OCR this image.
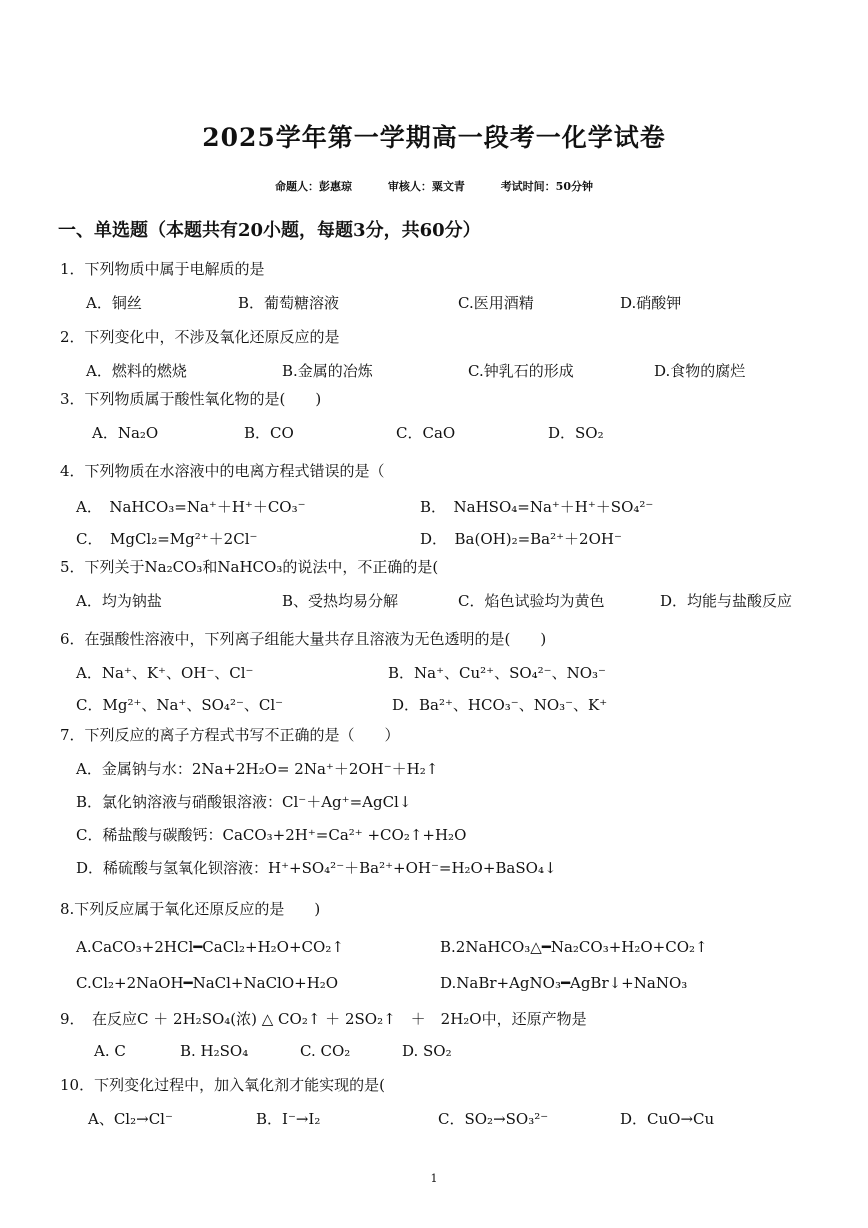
2025学年第一学期高一段考一化学试卷
命题人：彭惠琼	审核人：粟文青	考试时间：50分钟
一、单选题（本题共有20小题，每题3分，共60分）
1．下列物质中属于电解质的是
A．铜丝	B．葡萄糖溶液	C.医用酒精	D.硝酸钾
2．下列变化中，不涉及氧化还原反应的是
A．燃料的燃烧	B.金属的冶炼	C.钟乳石的形成	D.食物的腐烂
3．下列物质属于酸性氧化物的是(　　)
A．Na₂O	B．CO	C．CaO	D．SO₂
4．下列物质在水溶液中的电离方程式错误的是（
A．　NaHCO₃=Na⁺＋H⁺＋CO₃⁻	B．　NaHSO₄=Na⁺＋H⁺＋SO₄²⁻
C．　MgCl₂=Mg²⁺＋2Cl⁻	D．　Ba(OH)₂=Ba²⁺＋2OH⁻
5．下列关于Na₂CO₃和NaHCO₃的说法中，不正确的是(
A．均为钠盐	B、受热均易分解	C．焰色试验均为黄色	D．均能与盐酸反应
6．在强酸性溶液中，下列离子组能大量共存且溶液为无色透明的是(　　)
A．Na⁺、K⁺、OH⁻、Cl⁻	B．Na⁺、Cu²⁺、SO₄²⁻、NO₃⁻
C．Mg²⁺、Na⁺、SO₄²⁻、Cl⁻	D．Ba²⁺、HCO₃⁻、NO₃⁻、K⁺
7．下列反应的离子方程式书写不正确的是（　　）
A．金属钠与水：2Na+2H₂O= 2Na⁺＋2OH⁻＋H₂↑
B．氯化钠溶液与硝酸银溶液：Cl⁻＋Ag⁺=AgCl↓
C．稀盐酸与碳酸钙：CaCO₃+2H⁺=Ca²⁺ +CO₂↑+H₂O
D．稀硫酸与氢氧化钡溶液：H⁺+SO₄²⁻＋Ba²⁺+OH⁻=H₂O+BaSO₄↓
8.下列反应属于氧化还原反应的是　　)
A.CaCO₃+2HCl━CaCl₂+H₂O+CO₂↑	B.2NaHCO₃△━Na₂CO₃+H₂O+CO₂↑
C.Cl₂+2NaOH━NaCl+NaClO+H₂O	D.NaBr+AgNO₃━AgBr↓+NaNO₃
9．　在反应C ＋ 2H₂SO₄(浓) △ CO₂↑ ＋ 2SO₂↑　＋　2H₂O中，还原产物是
A. C	B. H₂SO₄	C. CO₂	D. SO₂
10．下列变化过程中，加入氧化剂才能实现的是(
A、Cl₂→Cl⁻	B．I⁻→I₂	C．SO₂→SO₃²⁻	D．CuO→Cu
1
